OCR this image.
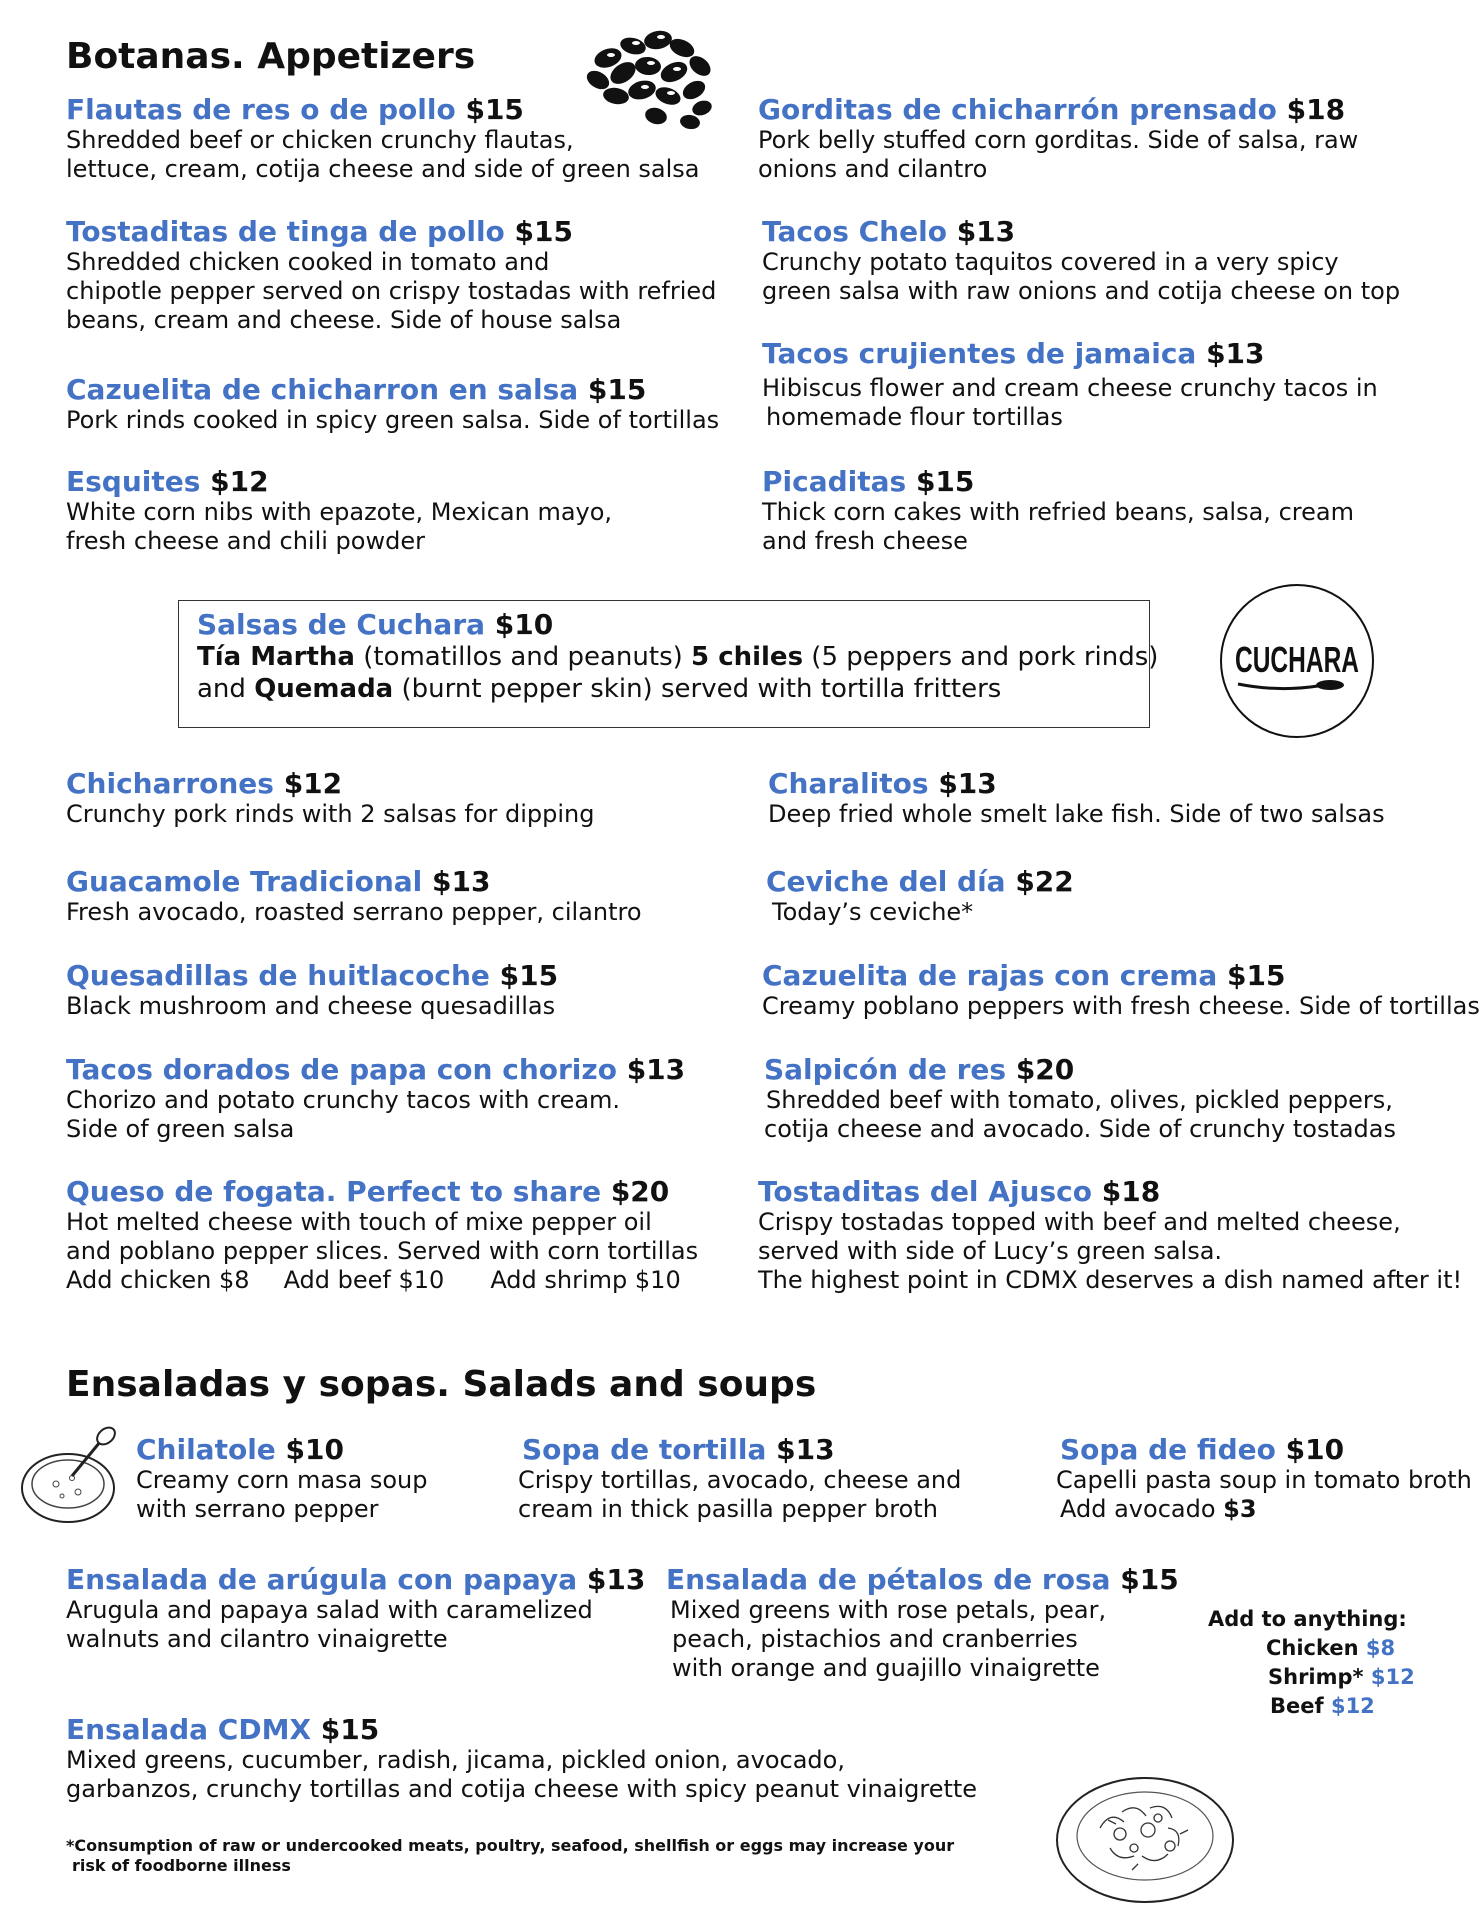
Botanas. Appetizers
Flautas de res o de pollo $15
Shredded beef or chicken crunchy flautas,
lettuce, cream, cotija cheese and side of green salsa
Gorditas de chicharrón prensado $18
Pork belly stuffed corn gorditas. Side of salsa, raw
onions and cilantro
Tostaditas de tinga de pollo $15
Shredded chicken cooked in tomato and
chipotle pepper served on crispy tostadas with refried
beans, cream and cheese. Side of house salsa
Tacos Chelo $13
Crunchy potato taquitos covered in a very spicy
green salsa with raw onions and cotija cheese on top
Tacos crujientes de jamaica $13
Hibiscus flower and cream cheese crunchy tacos in
homemade flour tortillas
Cazuelita de chicharron en salsa $15
Pork rinds cooked in spicy green salsa. Side of tortillas
Esquites $12
White corn nibs with epazote, Mexican mayo,
fresh cheese and chili powder
Picaditas $15
Thick corn cakes with refried beans, salsa, cream
and fresh cheese
Salsas de Cuchara $10
Tía Martha (tomatillos and peanuts) 5 chiles (5 peppers and pork rinds)
and Quemada (burnt pepper skin) served with tortilla fritters
CUCHARA
Chicharrones $12
Crunchy pork rinds with 2 salsas for dipping
Charalitos $13
Deep fried whole smelt lake fish. Side of two salsas
Guacamole Tradicional $13
Fresh avocado, roasted serrano pepper, cilantro
Ceviche del día $22
Today’s ceviche*
Quesadillas de huitlacoche $15
Black mushroom and cheese quesadillas
Cazuelita de rajas con crema $15
Creamy poblano peppers with fresh cheese. Side of tortillas
Tacos dorados de papa con chorizo $13
Chorizo and potato crunchy tacos with cream.
Side of green salsa
Salpicón de res $20
Shredded beef with tomato, olives, pickled peppers,
cotija cheese and avocado. Side of crunchy tostadas
Queso de fogata. Perfect to share $20
Hot melted cheese with touch of mixe pepper oil
and poblano pepper slices. Served with corn tortillas
Add chicken $8 Add beef $10 Add shrimp $10
Tostaditas del Ajusco $18
Crispy tostadas topped with beef and melted cheese,
served with side of Lucy’s green salsa.
The highest point in CDMX deserves a dish named after it!
Ensaladas y sopas. Salads and soups
Chilatole $10
Creamy corn masa soup
with serrano pepper
Sopa de tortilla $13
Crispy tortillas, avocado, cheese and
cream in thick pasilla pepper broth
Sopa de fideo $10
Capelli pasta soup in tomato broth
Add avocado $3
Ensalada de arúgula con papaya $13
Arugula and papaya salad with caramelized
walnuts and cilantro vinaigrette
Ensalada de pétalos de rosa $15
Mixed greens with rose petals, pear,
peach, pistachios and cranberries
with orange and guajillo vinaigrette
Add to anything:
Chicken $8
Shrimp* $12
Beef $12
Ensalada CDMX $15
Mixed greens, cucumber, radish, jicama, pickled onion, avocado,
garbanzos, crunchy tortillas and cotija cheese with spicy peanut vinaigrette
*Consumption of raw or undercooked meats, poultry, seafood, shellfish or eggs may increase your
risk of foodborne illness
